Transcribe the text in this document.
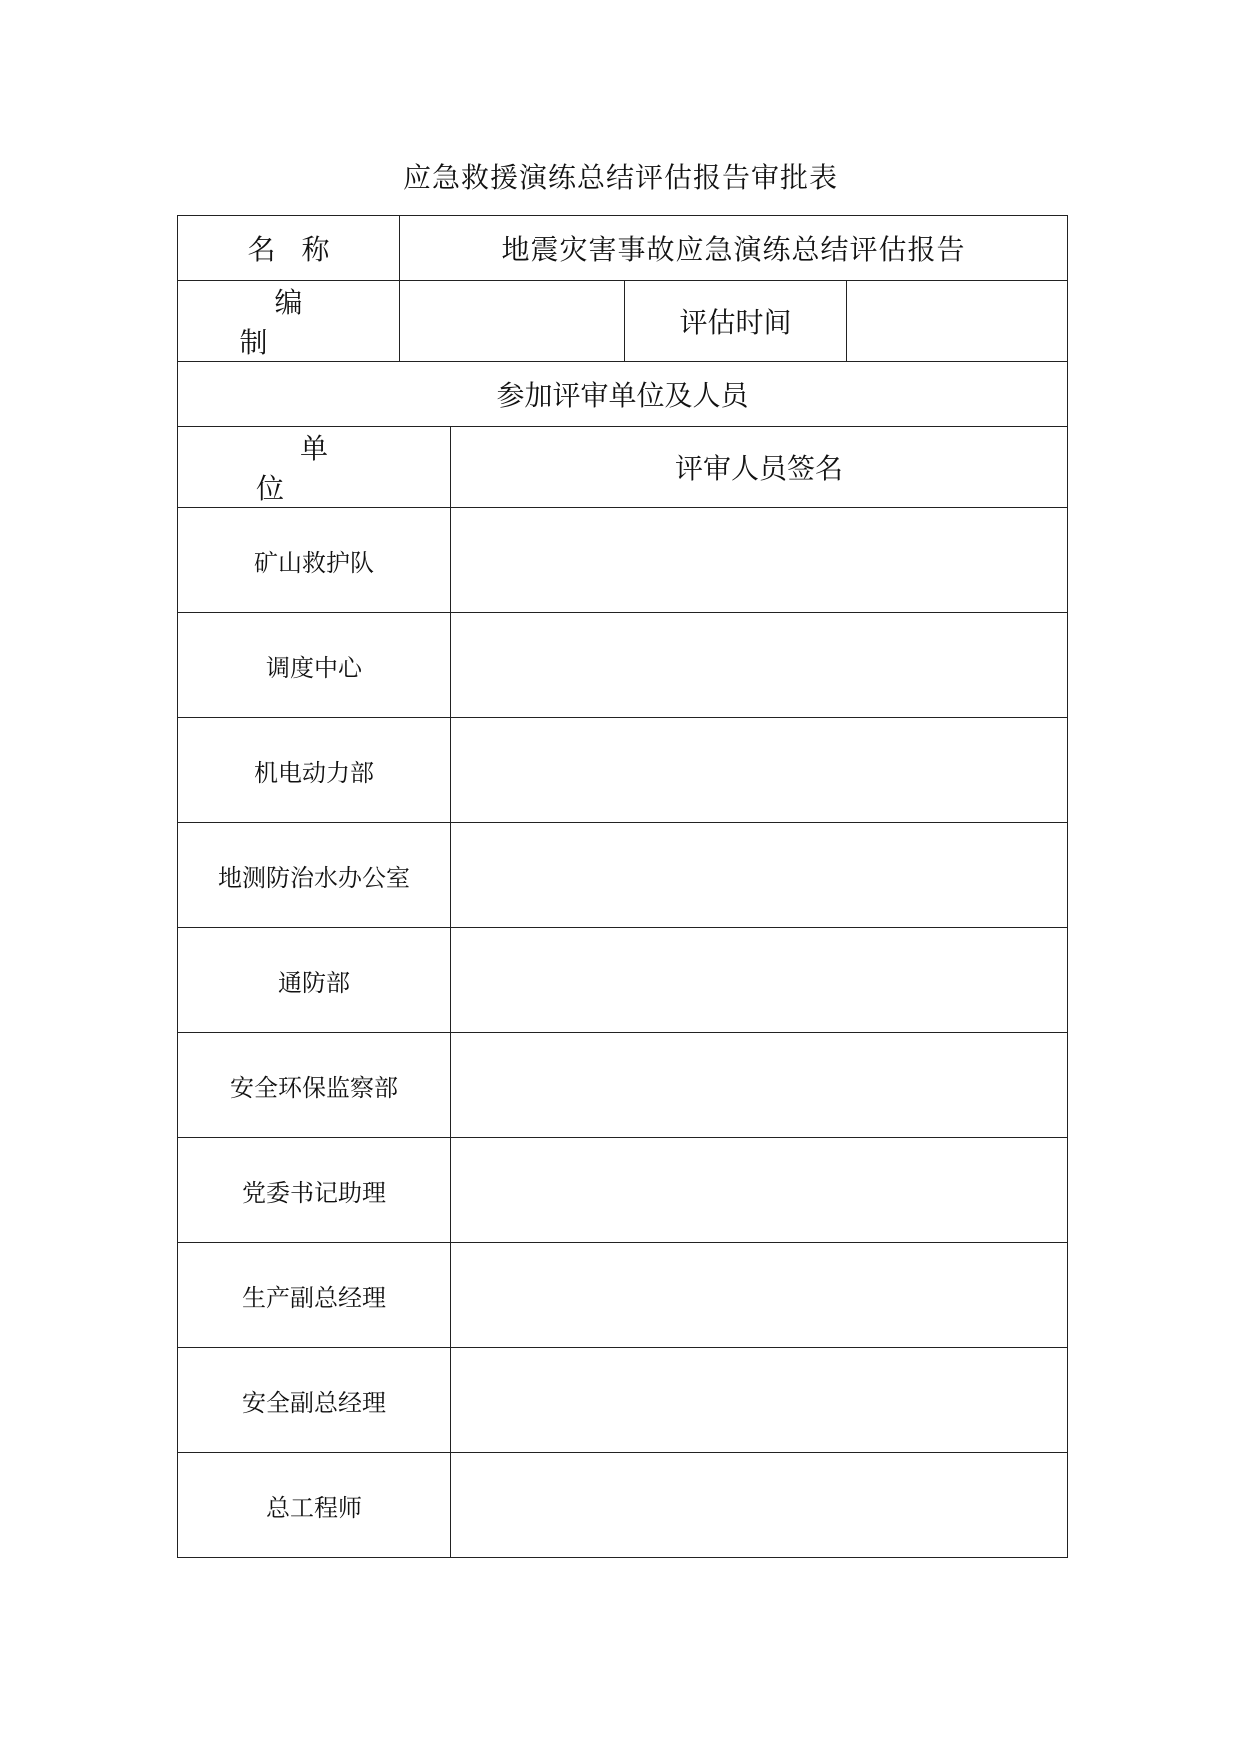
应急救援演练总结评估报告审批表
名称	地震灾害事故应急演练总结评估报告			
编制			评估时间	
参加评审单位及人员				
单位		评审人员签名		
矿山救护队				
调度中心				
机电动力部				
地测防治水办公室				
通防部				
安全环保监察部				
党委书记助理				
生产副总经理				
安全副总经理				
总工程师				
